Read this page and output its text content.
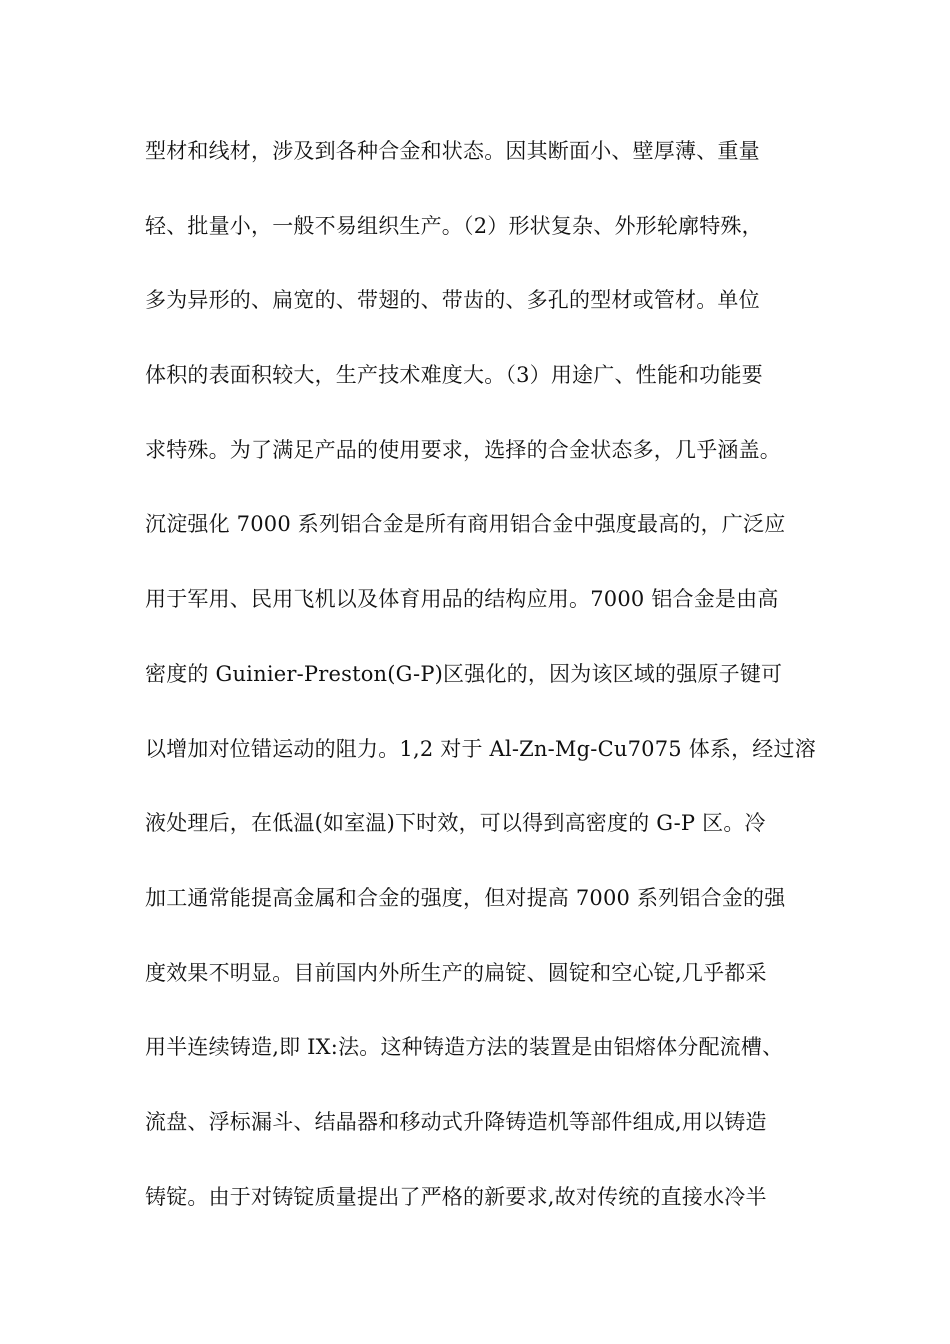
型材和线材，涉及到各种合金和状态。因其断面小、壁厚薄、重量
轻、批量小，一般不易组织生产。（2）形状复杂、外形轮廓特殊，
多为异形的、扁宽的、带翅的、带齿的、多孔的型材或管材。单位
体积的表面积较大，生产技术难度大。（3）用途广、性能和功能要
求特殊。为了满足产品的使用要求，选择的合金状态多，几乎涵盖。
沉淀强化 7000 系列铝合金是所有商用铝合金中强度最高的，广泛应
用于军用、民用飞机以及体育用品的结构应用。7000 铝合金是由高
密度的 Guinier-Preston(G-P)区强化的，因为该区域的强原子键可
以增加对位错运动的阻力。1,2 对于 Al-Zn-Mg-Cu7075 体系，经过溶
液处理后，在低温(如室温)下时效，可以得到高密度的 G-P 区。冷
加工通常能提高金属和合金的强度，但对提高 7000 系列铝合金的强
度效果不明显。目前国内外所生产的扁锭、圆锭和空心锭,几乎都采
用半连续铸造,即 IX:法。这种铸造方法的装置是由铝熔体分配流槽、
流盘、浮标漏斗、结晶器和移动式升降铸造机等部件组成,用以铸造
铸锭。由于对铸锭质量提出了严格的新要求,故对传统的直接水冷半
